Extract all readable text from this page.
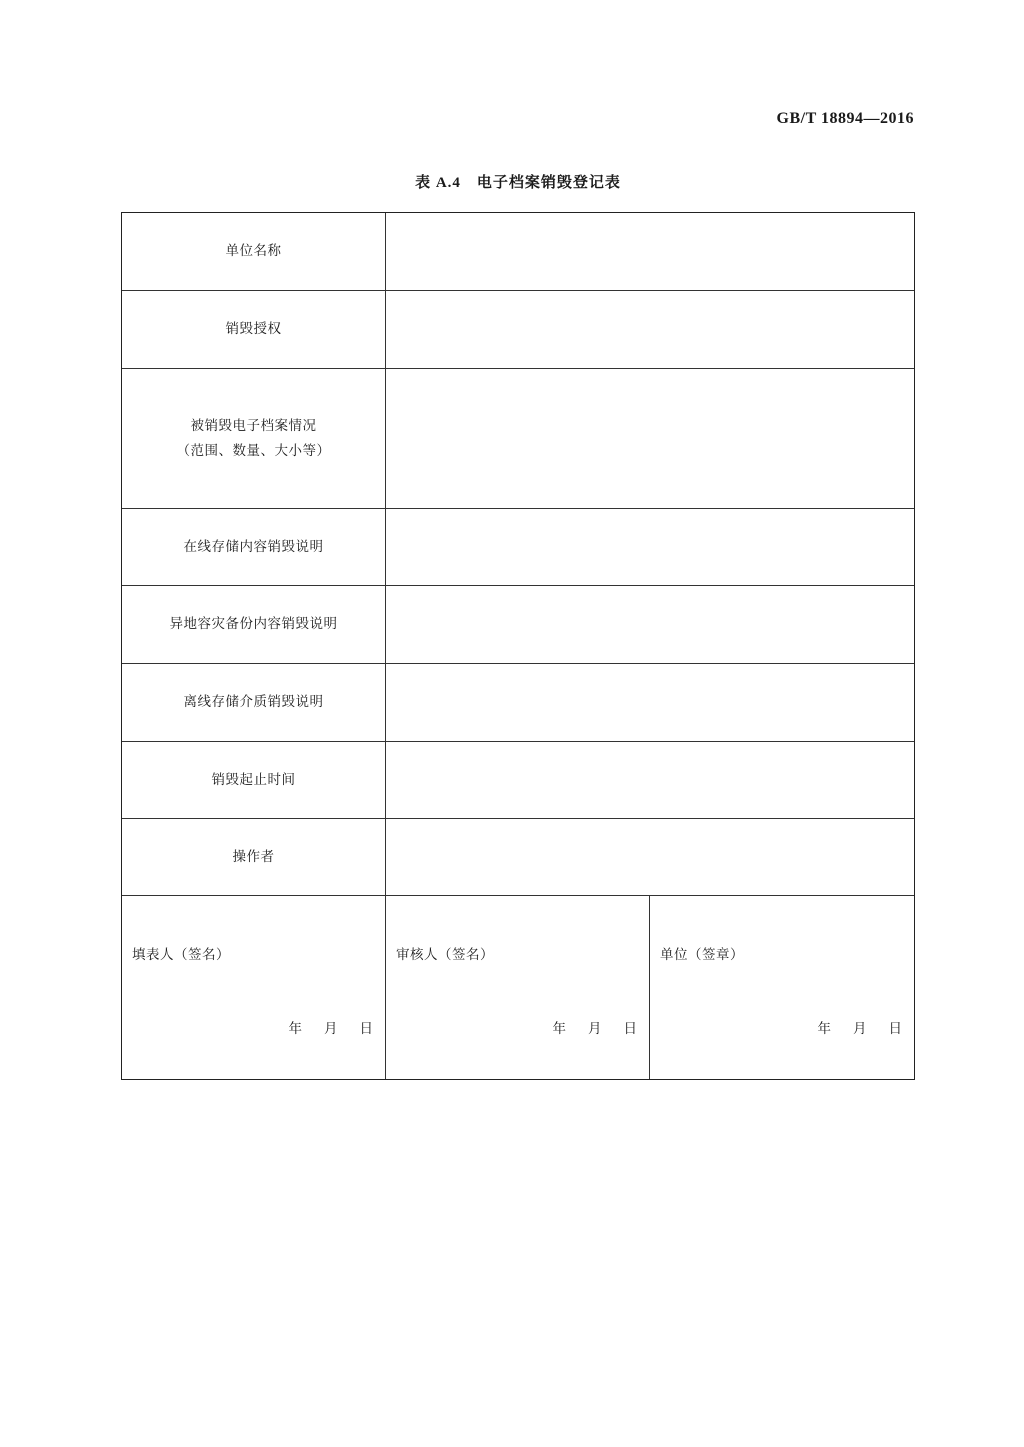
GB/T 18894—2016
表 A.4 电子档案销毁登记表
单位名称
销毁授权
被销毁电子档案情况
（范围、数量、大小等）
在线存储内容销毁说明
异地容灾备份内容销毁说明
离线存储介质销毁说明
销毁起止时间
操作者
填表人（签名）
年 月 日
审核人（签名）
年 月 日
单位（签章）
年 月 日
